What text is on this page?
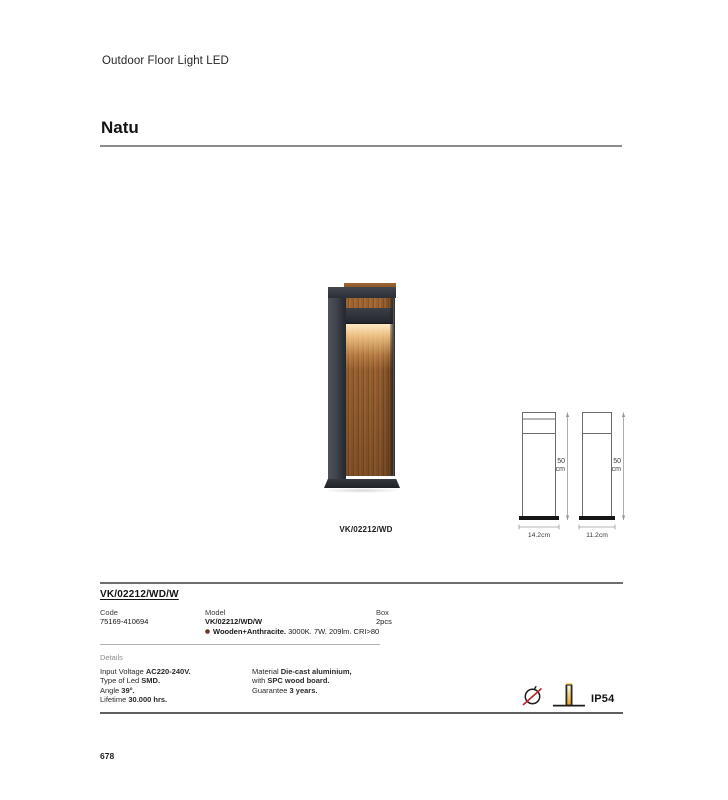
Outdoor Floor Light LED
Natu
VK/02212/WD
50
cm
14.2cm
50
cm
11.2cm
VK/02212/WD/W
Code
75169-410694
Model
VK/02212/WD/W
Wooden+Anthracite. 3000K. 7W. 209lm. CRI>80
Box
2pcs
Details
Input Voltage AC220-240V.
Type of Led SMD.
Angle 39°.
Lifetime 30.000 hrs.
Material Die-cast aluminium,
with SPC wood board.
Guarantee 3 years.
IP54
678
